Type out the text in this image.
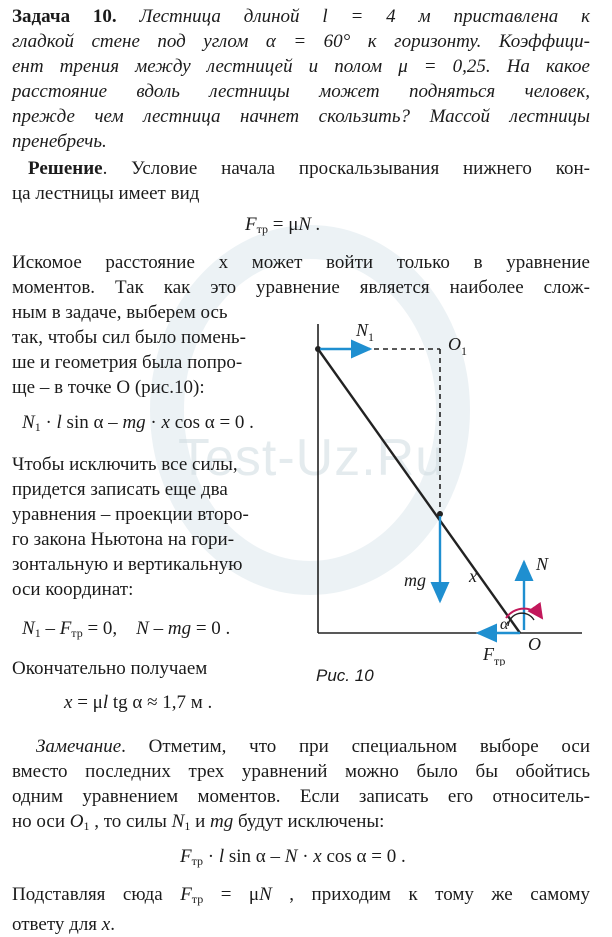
Test-Uz.Ru
Задача 10. Лестница длиной l = 4 м приставлена к
гладкой стене под углом α = 60° к горизонту. Коэффици-
ент трения между лестницей и полом μ = 0,25. На какое
расстояние вдоль лестницы может подняться человек,
прежде чем лестница начнет скользить? Массой лестницы

пренебречь.
Решение. Условие начала проскальзывания нижнего кон-

ца лестницы имеет вид
$F_{тр} = \mu N$ .
Искомое расстояние x может войти только в уравнение
моментов. Так как это уравнение является наиболее слож-
ным в задаче, выберем ось
так, чтобы сил было помень-
ше и геометрия была попро-
ще – в точке O (рис.10):
$N_1 \cdot l$ sin α – mg · x cos α = 0 .
Чтобы исключить все силы,
придется записать еще два
уравнения – проекции второ-
го закона Ньютона на гори-
зонтальную и вертикальную
оси координат:
$N_1 - F_{тр} = 0$,    N – mg = 0 .
Окончательно получаем
x = μl tg α ≈ 1,7 м .
$N_1$	$O_1$
N
mg x
α
O
$F_{тр}$
Рис. 10
Замечание. Отметим, что при специальном выборе оси
вместо последних трех уравнений можно было бы обойтись
одним уравнением моментов. Если записать его относитель-

но оси $O_1$ , то силы $N_1$ и mg будут исключены:
$F_{тр} \cdot l$ sin α – N · x cos α = 0 .
Подставляя сюда $F_{тр} = \mu N$ , приходим к тому же самому

ответу для x.
